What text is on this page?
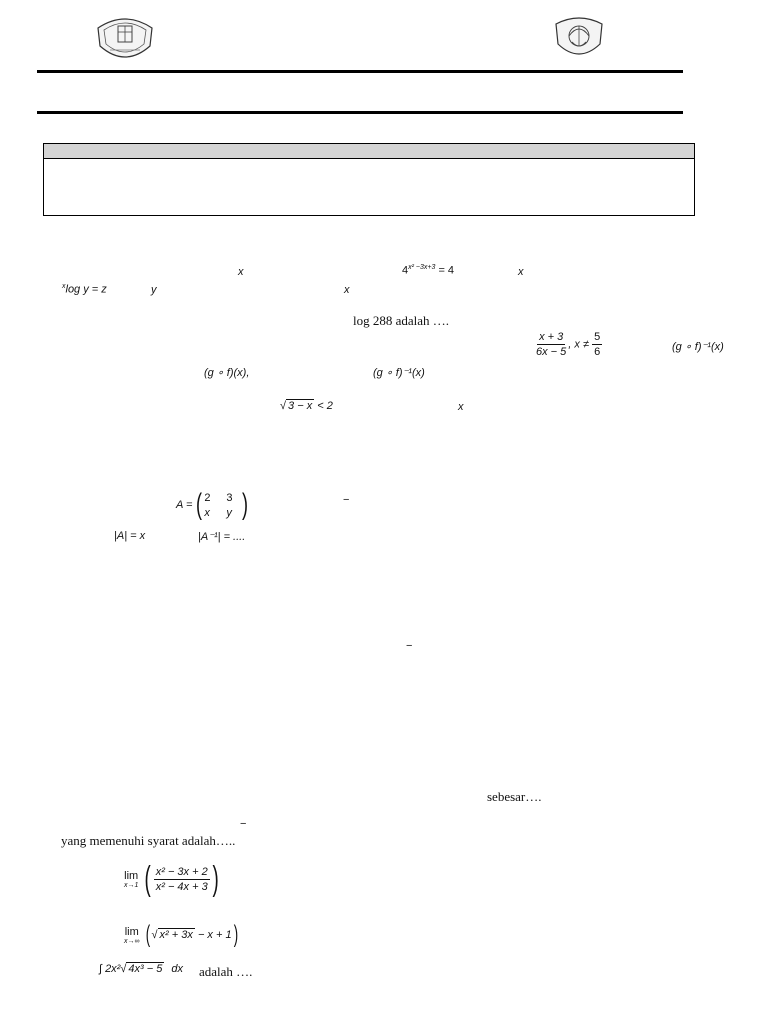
x	$4^{x^2 -3x+3} = 4$	x
$^x$log y = z	y	x
log 288 adalah ….
$\frac{x + 3}{6x - 5}$ , $x \ne \frac{5}{6}$	(g ∘ f)⁻¹(x)
(g ∘ f)(x),	(g ∘ f)⁻¹(x)
√ 3 − x < 2	x
A = ( 2	3
x	y )	−
|A| = x	|A⁻¹| = ....
−
sebesar….
−
yang memenuhi syarat adalah…..
lim
x→1 ( $\frac{\text{x² − 3x + 2}}{\text{x² − 4x + 3}}$ )
lim
x→∞ ( √ x² + 3x − x + 1)
∫ 2x²√ 4x³ − 5 dx adalah ….
